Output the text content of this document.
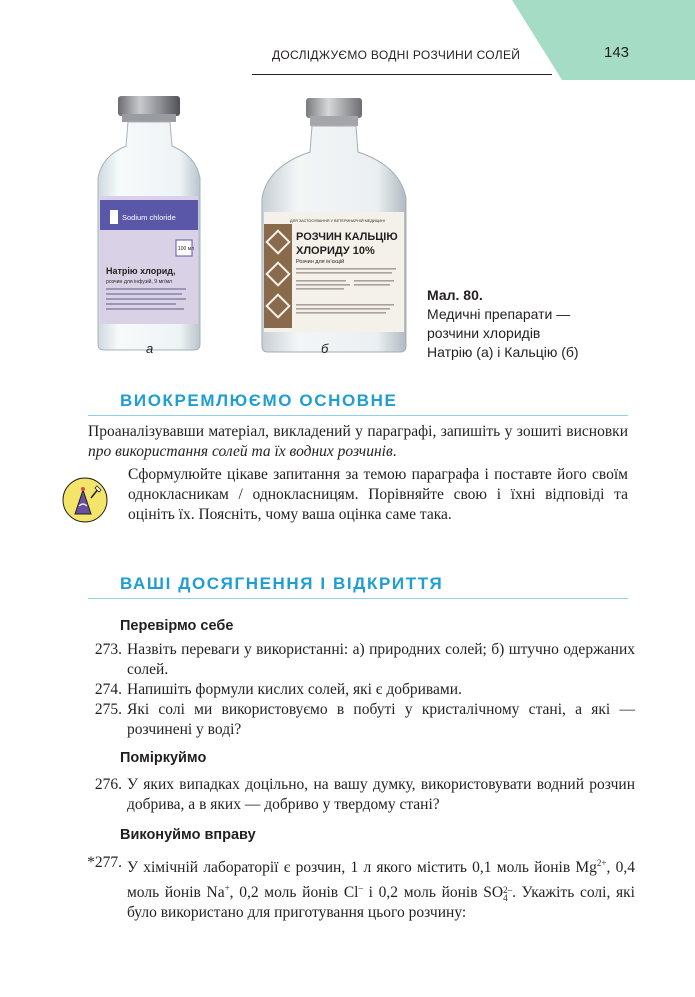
ДОСЛІДЖУЄМО ВОДНІ РОЗЧИНИ СОЛЕЙ	143
Sodium chloride
100 мл
Натрію хлорид,
розчин для інфузій, 9 мг/мл
а
ДЛЯ ЗАСТОСУВАННЯ У ВЕТЕРИНАРНІЙ МЕДИЦИНІ
РОЗЧИН КАЛЬЦІЮ
ХЛОРИДУ 10%
Розчин для ін'єкцій
б
Мал. 80.
Медичні препарати —
розчини хлоридів
Натрію (а) і Кальцію (б)
ВИОКРЕМЛЮЄМО ОСНОВНЕ
Проаналізувавши матеріал, викладений у параграфі, запишіть у зошиті висновки про використання солей та їх водних розчинів.
Сформулюйте цікаве запитання за темою параграфа і поставте його своїм однокласникам / однокласницям. Порівняйте свою і їхні відповіді та оцініть їх. Поясніть, чому ваша оцінка саме така.
ВАШІ ДОСЯГНЕННЯ І ВІДКРИТТЯ
Перевірмо себе
273. Назвіть переваги у використанні: а) природних солей; б) штучно одержаних солей.
274. Напишіть формули кислих солей, які є добривами.
275. Які солі ми використовуємо в побуті у кристалічному стані, а які — розчинені у воді?
Поміркуймо
276. У яких випадках доцільно, на вашу думку, використовувати водний розчин добрива, а в яких — добриво у твердому стані?
Виконуймо вправу
*277. У хімічній лабораторії є розчин, 1 л якого містить 0,1 моль йонів $Mg^{2+}$, 0,4 моль йонів Na+, 0,2 моль йонів Cl– і 0,2 моль йонів SO 2–
4 . Укажіть солі, які було використано для приготування цього розчину:
